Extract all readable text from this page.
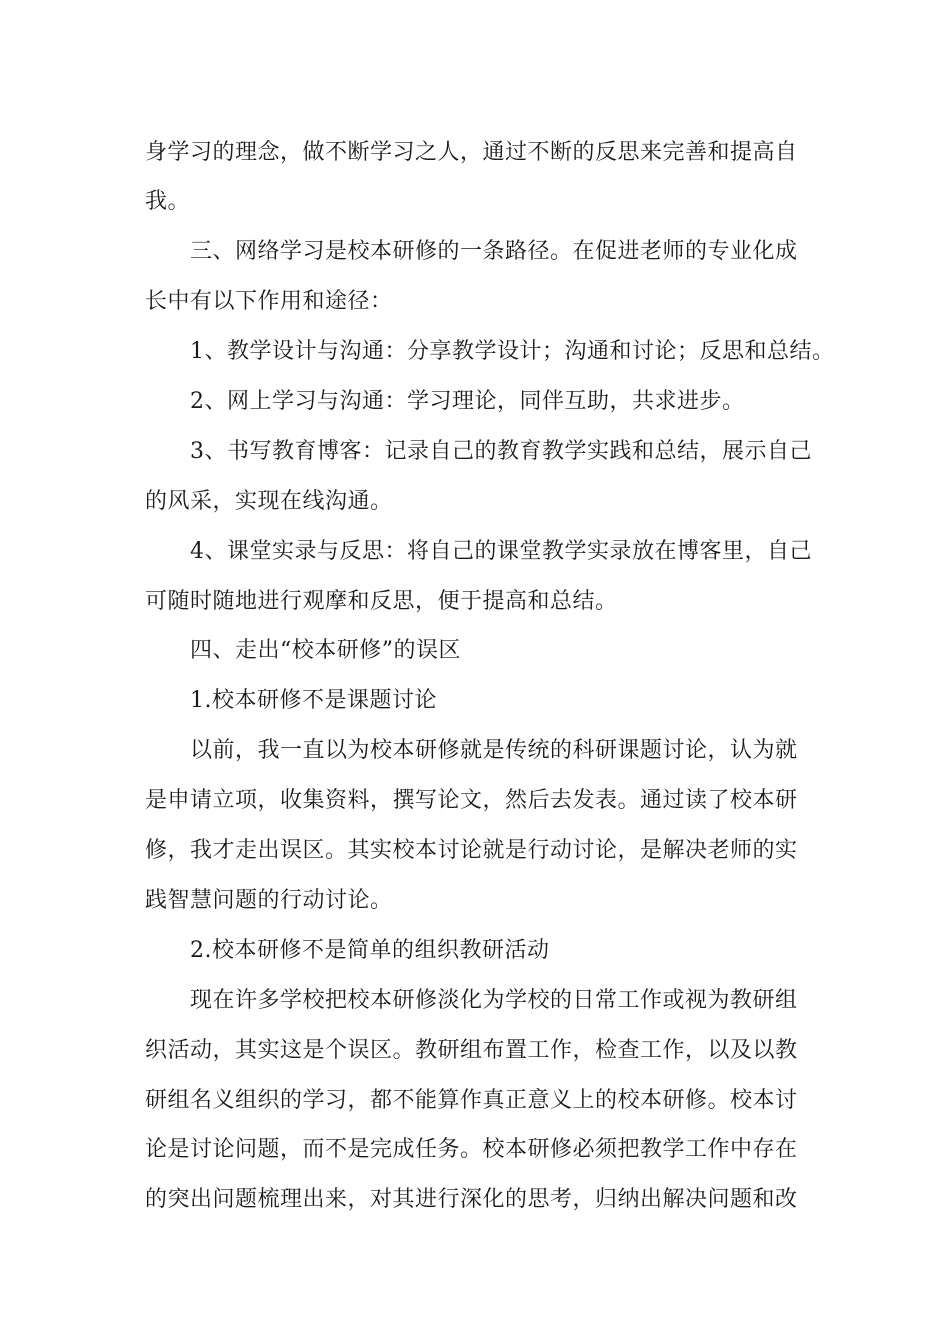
身学习的理念，做不断学习之人，通过不断的反思来完善和提高自
我。
三、网络学习是校本研修的一条路径。在促进老师的专业化成
长中有以下作用和途径：
1、教学设计与沟通：分享教学设计；沟通和讨论；反思和总结。
2、网上学习与沟通：学习理论，同伴互助，共求进步。
3、书写教育博客：记录自己的教育教学实践和总结，展示自己
的风采，实现在线沟通。
4、课堂实录与反思：将自己的课堂教学实录放在博客里，自己
可随时随地进行观摩和反思，便于提高和总结。
四、走出“校本研修”的误区
1.校本研修不是课题讨论
以前，我一直以为校本研修就是传统的科研课题讨论，认为就
是申请立项，收集资料，撰写论文，然后去发表。通过读了校本研
修，我才走出误区。其实校本讨论就是行动讨论，是解决老师的实
践智慧问题的行动讨论。
2.校本研修不是简单的组织教研活动
现在许多学校把校本研修淡化为学校的日常工作或视为教研组
织活动，其实这是个误区。教研组布置工作，检查工作，以及以教
研组名义组织的学习，都不能算作真正意义上的校本研修。校本讨
论是讨论问题，而不是完成任务。校本研修必须把教学工作中存在
的突出问题梳理出来，对其进行深化的思考，归纳出解决问题和改
